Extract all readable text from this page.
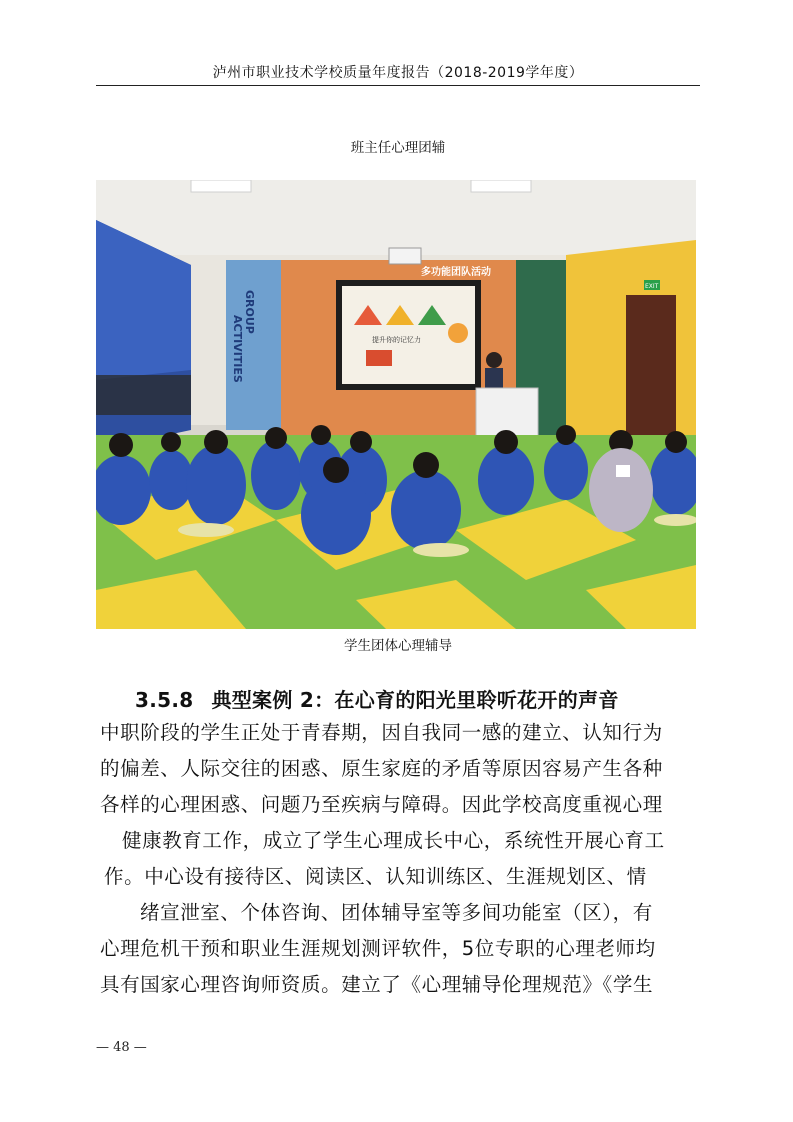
泸州市职业技术学校质量年度报告（2018-2019学年度）
班主任心理团辅
多功能团队活动
GROUP
ACTIVITIES
EXIT
提升你的记忆力
学生团体心理辅导
3.5.8 典型案例 2：在心育的阳光里聆听花开的声音
中职阶段的学生正处于青春期，因自我同一感的建立、认知行为
的偏差、人际交往的困惑、原生家庭的矛盾等原因容易产生各种
各样的心理困惑、问题乃至疾病与障碍。因此学校高度重视心理
健康教育工作，成立了学生心理成长中心，系统性开展心育工
作。中心设有接待区、阅读区、认知训练区、生涯规划区、情
绪宣泄室、个体咨询、团体辅导室等多间功能室（区），有
心理危机干预和职业生涯规划测评软件，5位专职的心理老师均
具有国家心理咨询师资质。建立了《心理辅导伦理规范》《学生
— 48 —
